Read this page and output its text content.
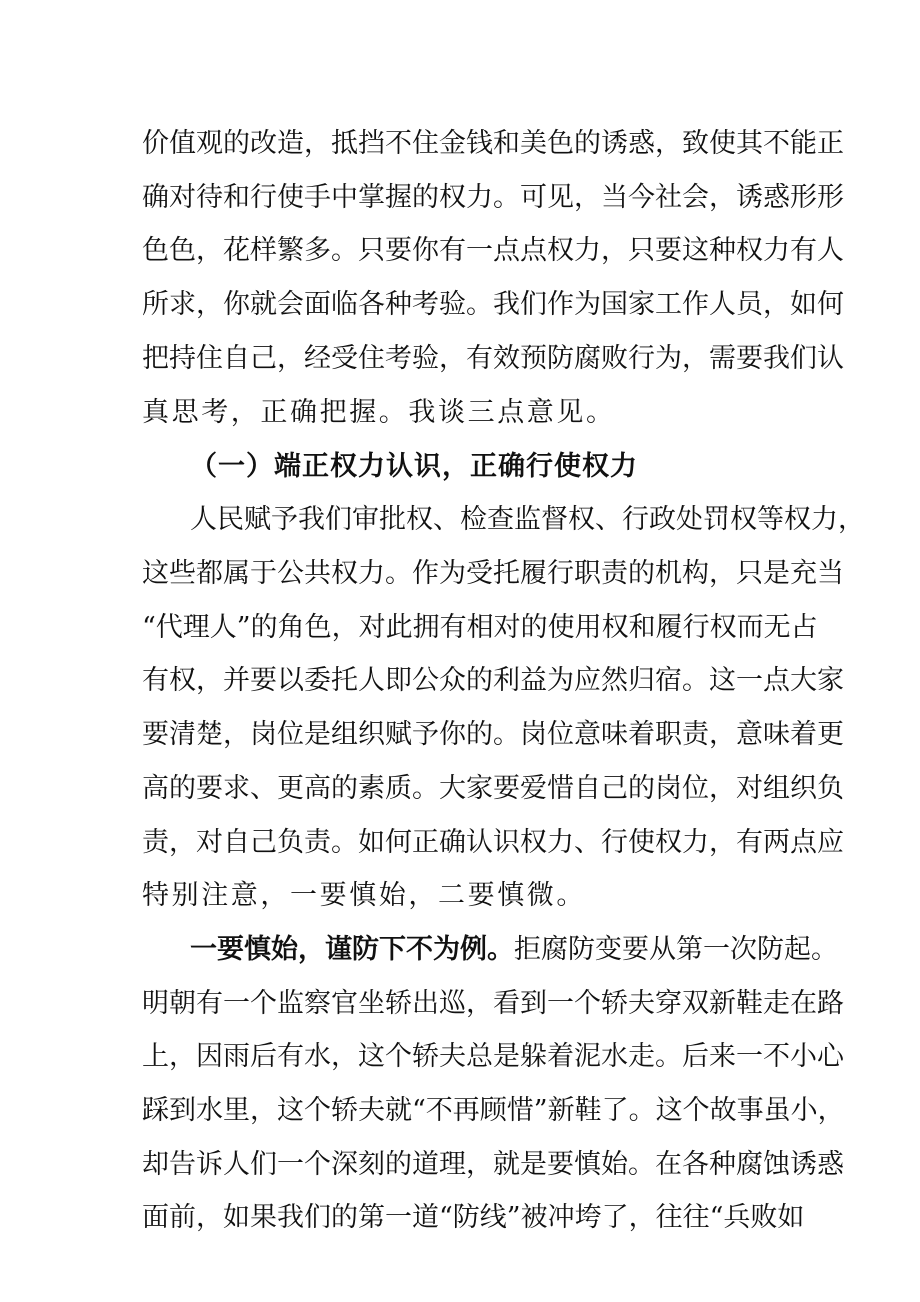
价值观的改造，抵挡不住金钱和美色的诱惑，致使其不能正
确对待和行使手中掌握的权力。可见，当今社会，诱惑形形
色色，花样繁多。只要你有一点点权力，只要这种权力有人
所求，你就会面临各种考验。我们作为国家工作人员，如何
把持住自己，经受住考验，有效预防腐败行为，需要我们认
真思考，正确把握。我谈三点意见。
（一）端正权力认识，正确行使权力
人民赋予我们审批权、检查监督权、行政处罚权等权力，
这些都属于公共权力。作为受托履行职责的机构，只是充当
“代理人”的角色，对此拥有相对的使用权和履行权而无占
有权，并要以委托人即公众的利益为应然归宿。这一点大家
要清楚，岗位是组织赋予你的。岗位意味着职责，意味着更
高的要求、更高的素质。大家要爱惜自己的岗位，对组织负
责，对自己负责。如何正确认识权力、行使权力，有两点应
特别注意，一要慎始，二要慎微。
一要慎始，谨防下不为例。拒腐防变要从第一次防起。
明朝有一个监察官坐轿出巡，看到一个轿夫穿双新鞋走在路
上，因雨后有水，这个轿夫总是躲着泥水走。后来一不小心
踩到水里，这个轿夫就“不再顾惜”新鞋了。这个故事虽小，
却告诉人们一个深刻的道理，就是要慎始。在各种腐蚀诱惑
面前，如果我们的第一道“防线”被冲垮了，往往“兵败如
